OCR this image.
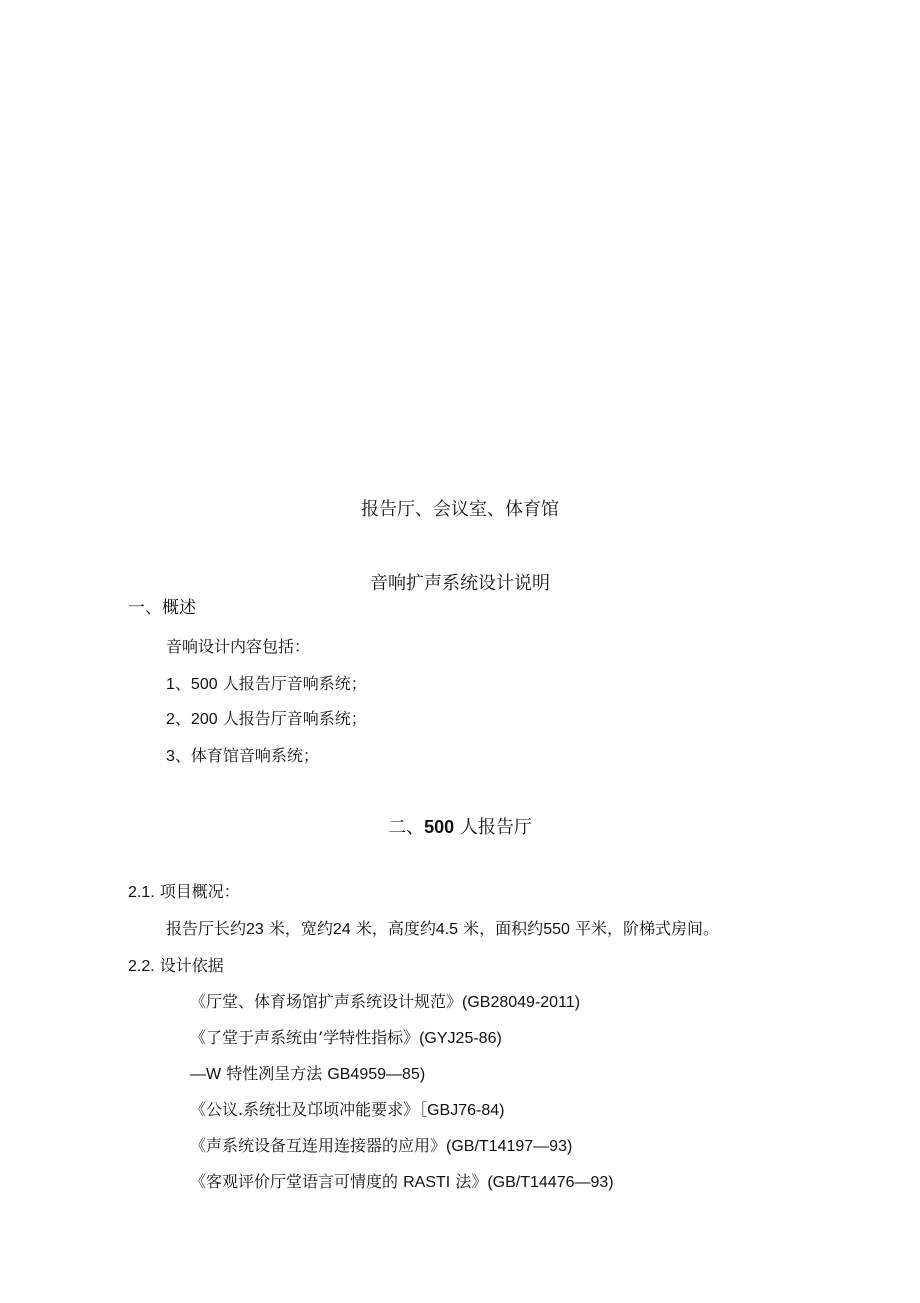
报告厅、会议室、体育馆
音响扩声系统设计说明
一、概述
音响设计内容包括：
1、500 人报告厅音响系统；
2、200 人报告厅音响系统；
3、体育馆音响系统；
二、500 人报告厅
2.1. 项目概况：
报告厅长约23 米，宽约24 米，高度约4.5 米，面积约550 平米，阶梯式房间。
2.2. 设计依据
《厅堂、体育场馆扩声系统设计规范》(GB28049-2011)
《了堂于声系统由’学特性指标》(GYJ25-86)
—W 特性冽呈方法 GB4959—85)
《公议.系统壮及邙顷冲能要求》［GBJ76-84)
《声系统设备互连用连接器的应用》(GB/T14197—93)
《客观评价厅堂语言可情度的 RASTI 法》(GB/T14476—93)
